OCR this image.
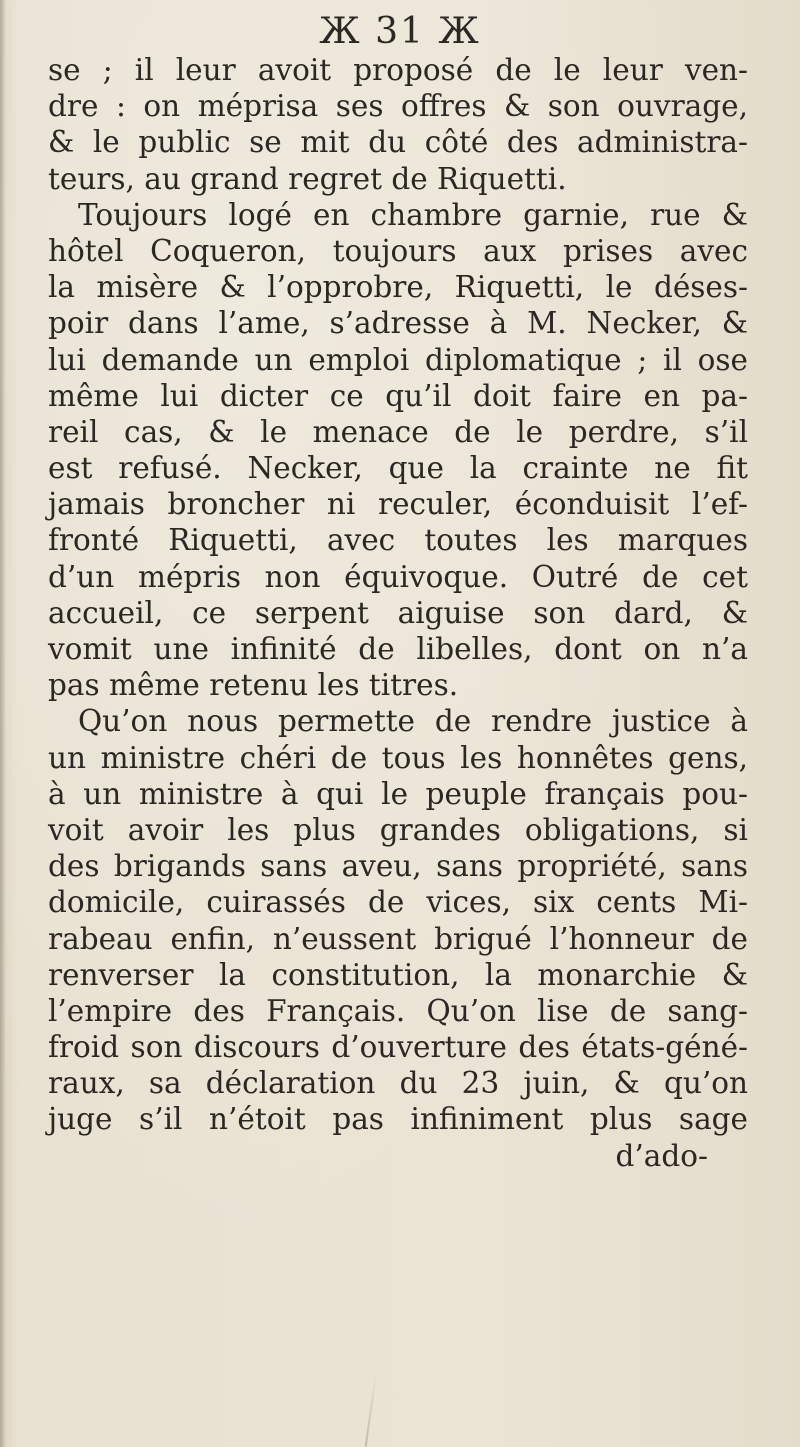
Ж 31 Ж
se ; il leur avoit proposé de le leur ven-
dre : on méprisa ses offres & son ouvrage,
& le public se mit du côté des administra-
teurs, au grand regret de Riquetti.
Toujours logé en chambre garnie, rue &
hôtel Coqueron, toujours aux prises avec
la misère & l’opprobre, Riquetti, le déses-
poir dans l’ame, s’adresse à M. Necker, &
lui demande un emploi diplomatique ; il ose
même lui dicter ce qu’il doit faire en pa-
reil cas, & le menace de le perdre, s’il
est refusé. Necker, que la crainte ne fit
jamais broncher ni reculer, éconduisit l’ef-
fronté Riquetti, avec toutes les marques
d’un mépris non équivoque. Outré de cet
accueil, ce serpent aiguise son dard, &
vomit une infinité de libelles, dont on n’a
pas même retenu les titres.
Qu’on nous permette de rendre justice à
un ministre chéri de tous les honnêtes gens,
à un ministre à qui le peuple français pou-
voit avoir les plus grandes obligations, si
des brigands sans aveu, sans propriété, sans
domicile, cuirassés de vices, six cents Mi-
rabeau enfin, n’eussent brigué l’honneur de
renverser la constitution, la monarchie &
l’empire des Français. Qu’on lise de sang-
froid son discours d’ouverture des états-géné-
raux, sa déclaration du 23 juin, & qu’on
juge s’il n’étoit pas infiniment plus sage
d’ado-
